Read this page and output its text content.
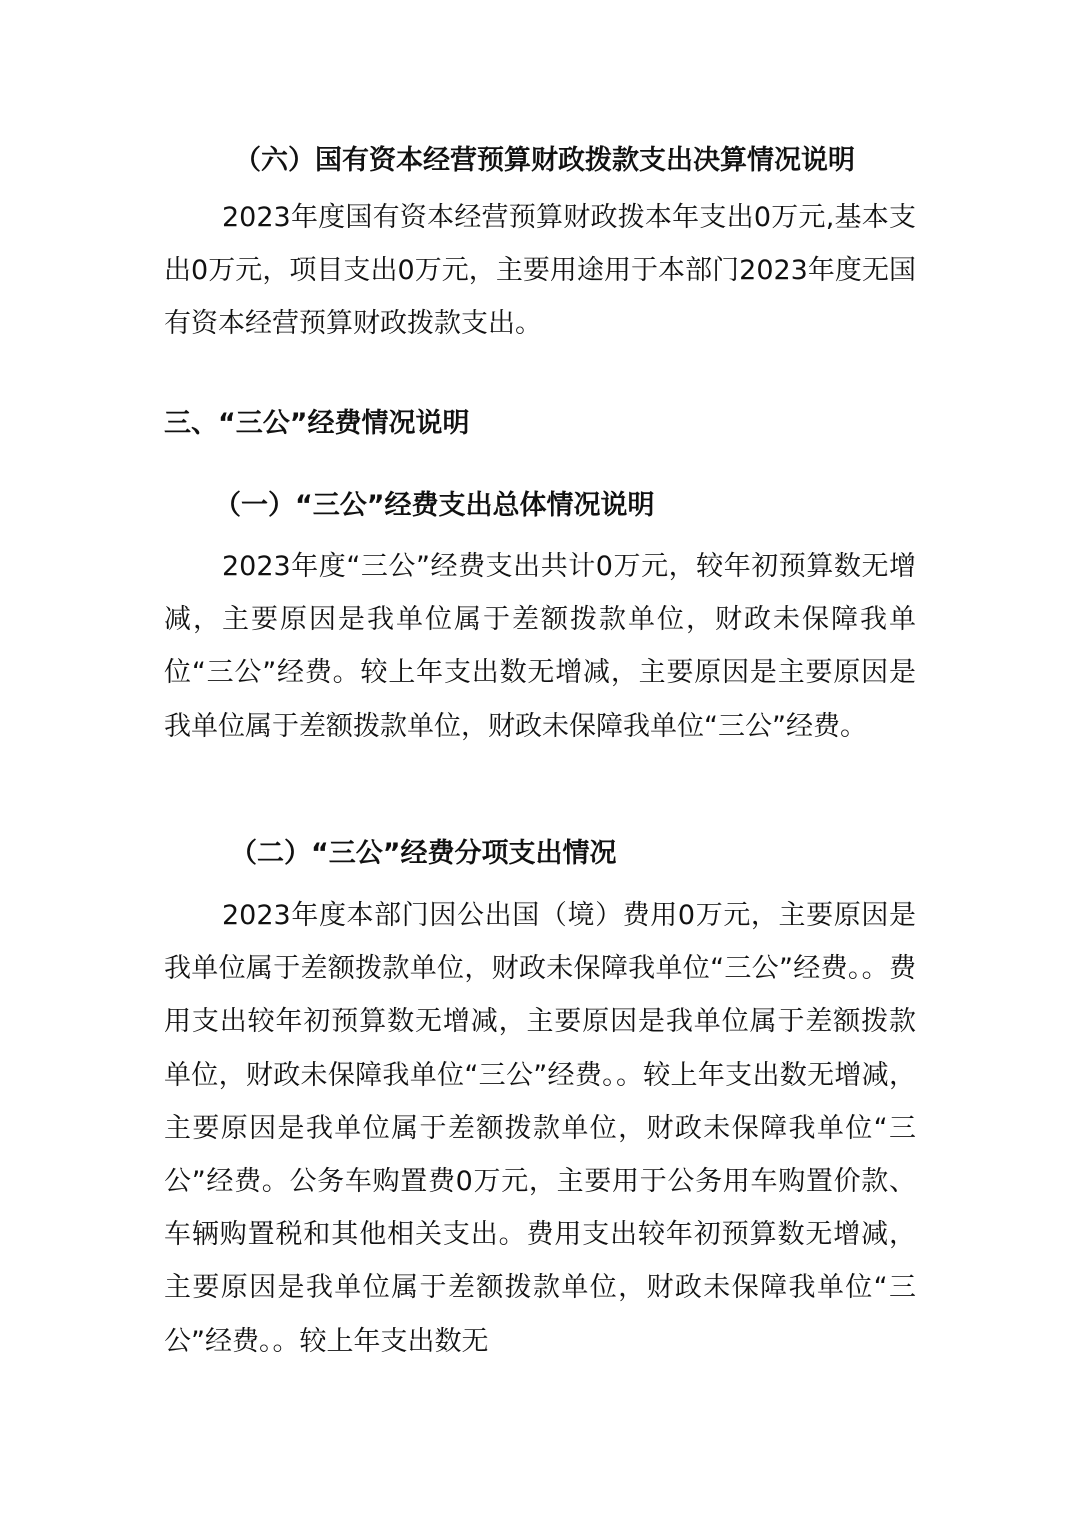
（六）国有资本经营预算财政拨款支出决算情况说明

2023年度国有资本经营预算财政拨本年支出0万元,基本支出0万元，项目支出0万元，主要用途用于本部门2023年度无国有资本经营预算财政拨款支出。

三、“三公”经费情况说明
（一）“三公”经费支出总体情况说明

2023年度“三公”经费支出共计0万元，较年初预算数无增减，主要原因是我单位属于差额拨款单位，财政未保障我单位“三公”经费。较上年支出数无增减，主要原因是主要原因是我单位属于差额拨款单位，财政未保障我单位“三公”经费。

（二）“三公”经费分项支出情况

2023年度本部门因公出国（境）费用0万元，主要原因是我单位属于差额拨款单位，财政未保障我单位“三公”经费。。费用支出较年初预算数无增减，主要原因是我单位属于差额拨款单位，财政未保障我单位“三公”经费。。较上年支出数无增减，主要原因是我单位属于差额拨款单位，财政未保障我单位“三公”经费。公务车购置费0万元，主要用于公务用车购置价款、车辆购置税和其他相关支出。费用支出较年初预算数无增减，主要原因是我单位属于差额拨款单位，财政未保障我单位“三公”经费。。较上年支出数无
